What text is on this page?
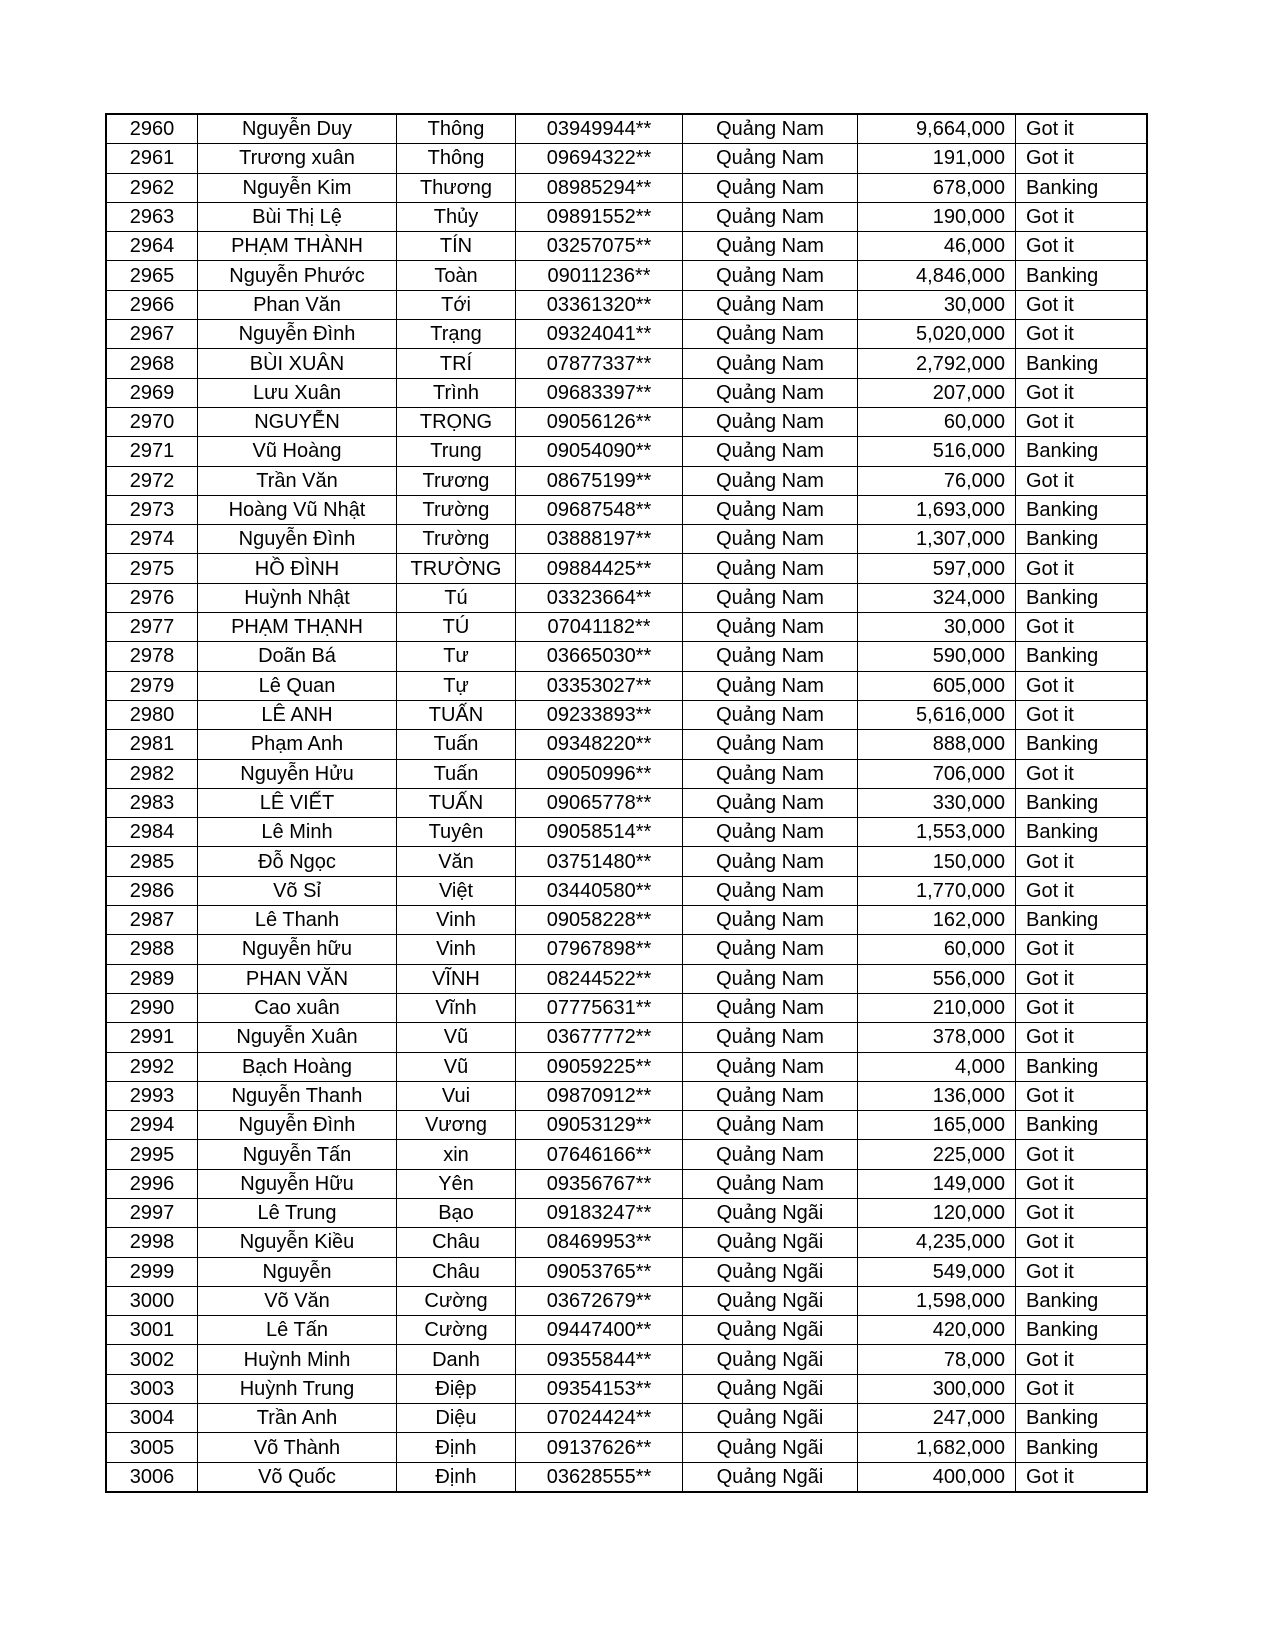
2960	Nguyễn Duy	Thông	03949944**	Quảng Nam	9,664,000	Got it
2961	Trương xuân	Thông	09694322**	Quảng Nam	191,000	Got it
2962	Nguyễn Kim	Thương	08985294**	Quảng Nam	678,000	Banking
2963	Bùi Thị Lệ	Thủy	09891552**	Quảng Nam	190,000	Got it
2964	PHẠM THÀNH	TÍN	03257075**	Quảng Nam	46,000	Got it
2965	Nguyễn Phước	Toàn	09011236**	Quảng Nam	4,846,000	Banking
2966	Phan Văn	Tới	03361320**	Quảng Nam	30,000	Got it
2967	Nguyễn Đình	Trạng	09324041**	Quảng Nam	5,020,000	Got it
2968	BÙI XUÂN	TRÍ	07877337**	Quảng Nam	2,792,000	Banking
2969	Lưu Xuân	Trình	09683397**	Quảng Nam	207,000	Got it
2970	NGUYỄN	TRỌNG	09056126**	Quảng Nam	60,000	Got it
2971	Vũ Hoàng	Trung	09054090**	Quảng Nam	516,000	Banking
2972	Trần Văn	Trương	08675199**	Quảng Nam	76,000	Got it
2973	Hoàng Vũ Nhật	Trường	09687548**	Quảng Nam	1,693,000	Banking
2974	Nguyễn Đình	Trường	03888197**	Quảng Nam	1,307,000	Banking
2975	HỒ ĐÌNH	TRƯỜNG	09884425**	Quảng Nam	597,000	Got it
2976	Huỳnh Nhật	Tú	03323664**	Quảng Nam	324,000	Banking
2977	PHẠM THẠNH	TÚ	07041182**	Quảng Nam	30,000	Got it
2978	Doãn Bá	Tư	03665030**	Quảng Nam	590,000	Banking
2979	Lê Quan	Tự	03353027**	Quảng Nam	605,000	Got it
2980	LÊ ANH	TUẤN	09233893**	Quảng Nam	5,616,000	Got it
2981	Phạm Anh	Tuấn	09348220**	Quảng Nam	888,000	Banking
2982	Nguyễn Hửu	Tuấn	09050996**	Quảng Nam	706,000	Got it
2983	LÊ VIẾT	TUẤN	09065778**	Quảng Nam	330,000	Banking
2984	Lê Minh	Tuyên	09058514**	Quảng Nam	1,553,000	Banking
2985	Đỗ Ngọc	Văn	03751480**	Quảng Nam	150,000	Got it
2986	Võ Sỉ	Việt	03440580**	Quảng Nam	1,770,000	Got it
2987	Lê Thanh	Vinh	09058228**	Quảng Nam	162,000	Banking
2988	Nguyễn hữu	Vinh	07967898**	Quảng Nam	60,000	Got it
2989	PHAN VĂN	VĨNH	08244522**	Quảng Nam	556,000	Got it
2990	Cao xuân	Vĩnh	07775631**	Quảng Nam	210,000	Got it
2991	Nguyễn Xuân	Vũ	03677772**	Quảng Nam	378,000	Got it
2992	Bạch Hoàng	Vũ	09059225**	Quảng Nam	4,000	Banking
2993	Nguyễn Thanh	Vui	09870912**	Quảng Nam	136,000	Got it
2994	Nguyễn Đình	Vương	09053129**	Quảng Nam	165,000	Banking
2995	Nguyễn Tấn	xin	07646166**	Quảng Nam	225,000	Got it
2996	Nguyễn Hữu	Yên	09356767**	Quảng Nam	149,000	Got it
2997	Lê Trung	Bạo	09183247**	Quảng Ngãi	120,000	Got it
2998	Nguyễn Kiều	Châu	08469953**	Quảng Ngãi	4,235,000	Got it
2999	Nguyễn	Châu	09053765**	Quảng Ngãi	549,000	Got it
3000	Võ Văn	Cường	03672679**	Quảng Ngãi	1,598,000	Banking
3001	Lê Tấn	Cường	09447400**	Quảng Ngãi	420,000	Banking
3002	Huỳnh Minh	Danh	09355844**	Quảng Ngãi	78,000	Got it
3003	Huỳnh Trung	Điệp	09354153**	Quảng Ngãi	300,000	Got it
3004	Trần Anh	Diệu	07024424**	Quảng Ngãi	247,000	Banking
3005	Võ Thành	Định	09137626**	Quảng Ngãi	1,682,000	Banking
3006	Võ Quốc	Định	03628555**	Quảng Ngãi	400,000	Got it
